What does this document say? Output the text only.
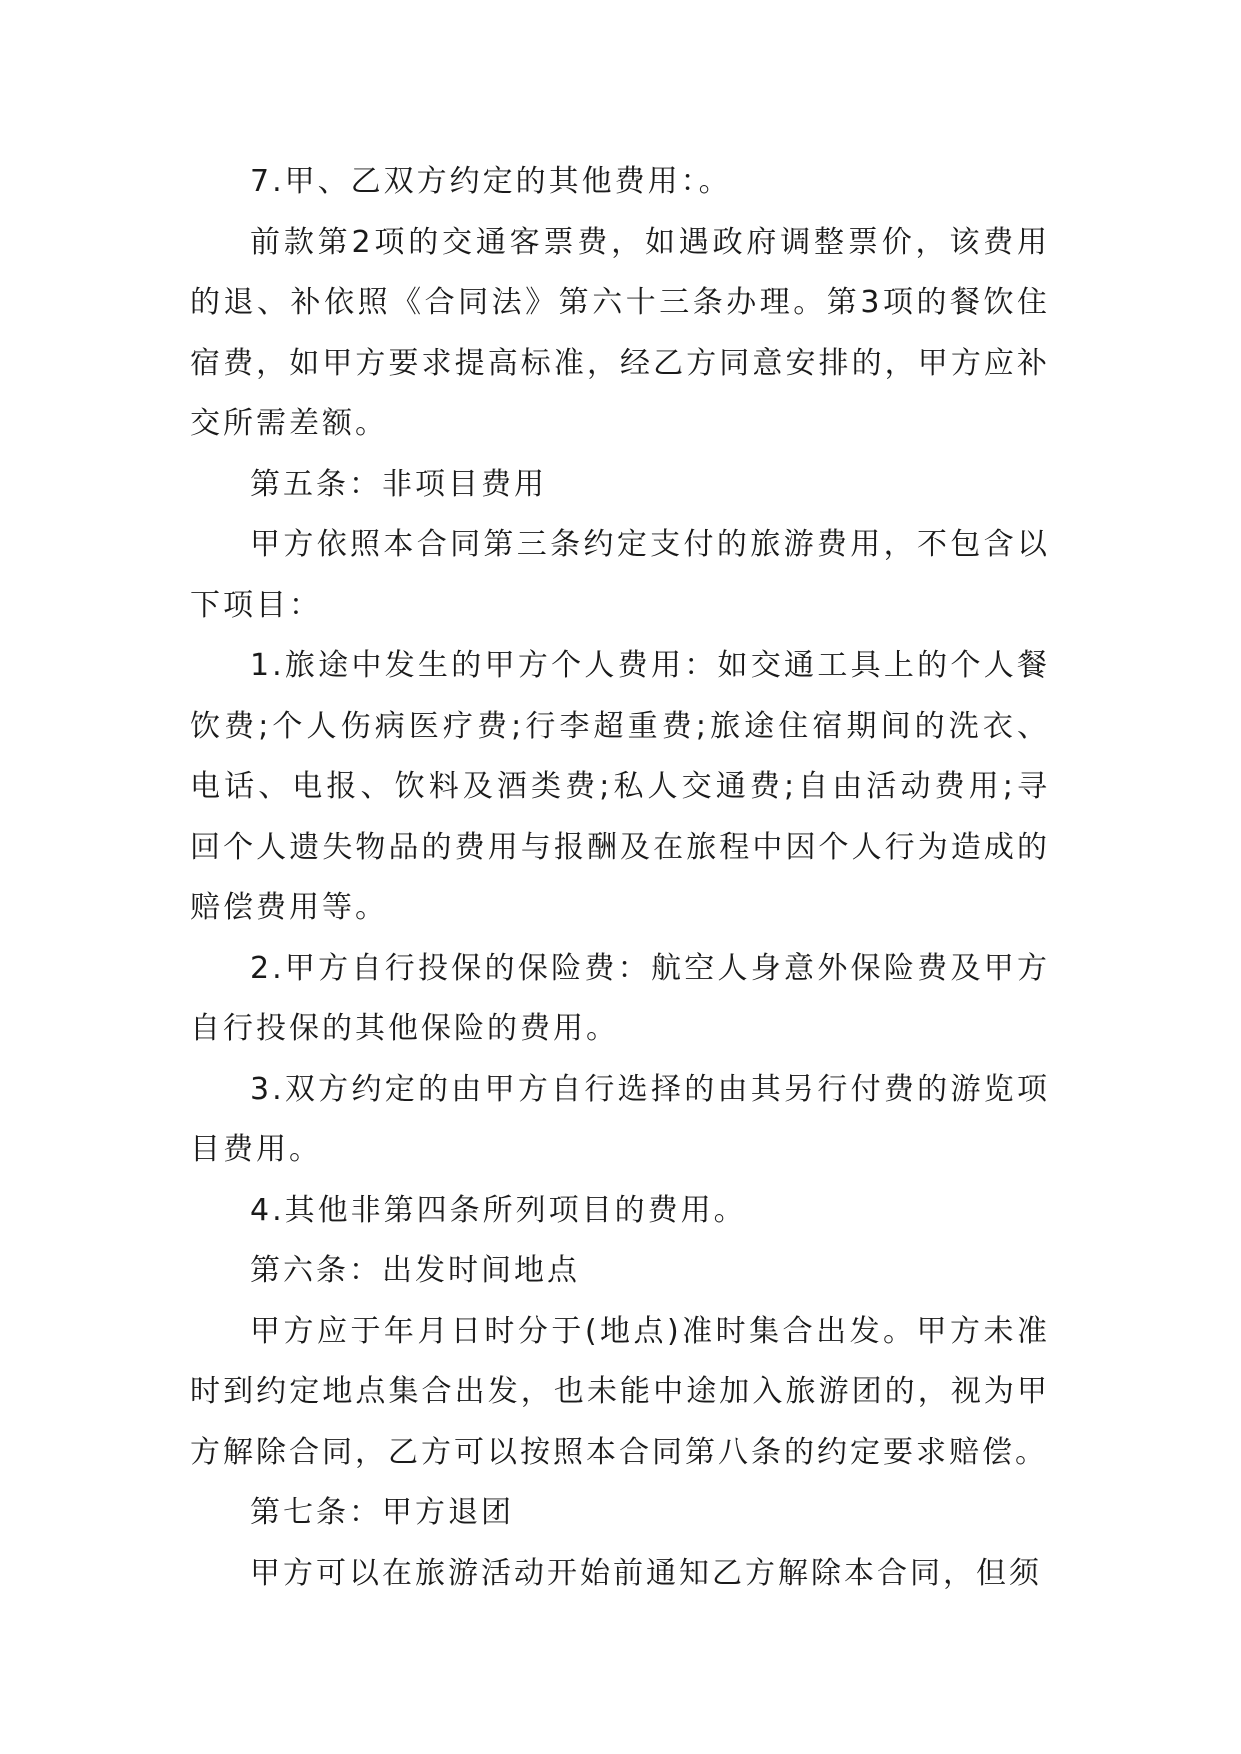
7.甲、乙双方约定的其他费用：。

前款第2项的交通客票费，如遇政府调整票价，该费用的退、补依照《合同法》第六十三条办理。第3项的餐饮住宿费，如甲方要求提高标准，经乙方同意安排的，甲方应补交所需差额。

第五条：非项目费用

甲方依照本合同第三条约定支付的旅游费用，不包含以下项目：

1.旅途中发生的甲方个人费用：如交通工具上的个人餐饮费;个人伤病医疗费;行李超重费;旅途住宿期间的洗衣、电话、电报、饮料及酒类费;私人交通费;自由活动费用;寻回个人遗失物品的费用与报酬及在旅程中因个人行为造成的赔偿费用等。

2.甲方自行投保的保险费：航空人身意外保险费及甲方自行投保的其他保险的费用。

3.双方约定的由甲方自行选择的由其另行付费的游览项目费用。

4.其他非第四条所列项目的费用。

第六条：出发时间地点

甲方应于年月日时分于(地点)准时集合出发。甲方未准时到约定地点集合出发，也未能中途加入旅游团的，视为甲方解除合同，乙方可以按照本合同第八条的约定要求赔偿。

第七条：甲方退团

甲方可以在旅游活动开始前通知乙方解除本合同，但须
